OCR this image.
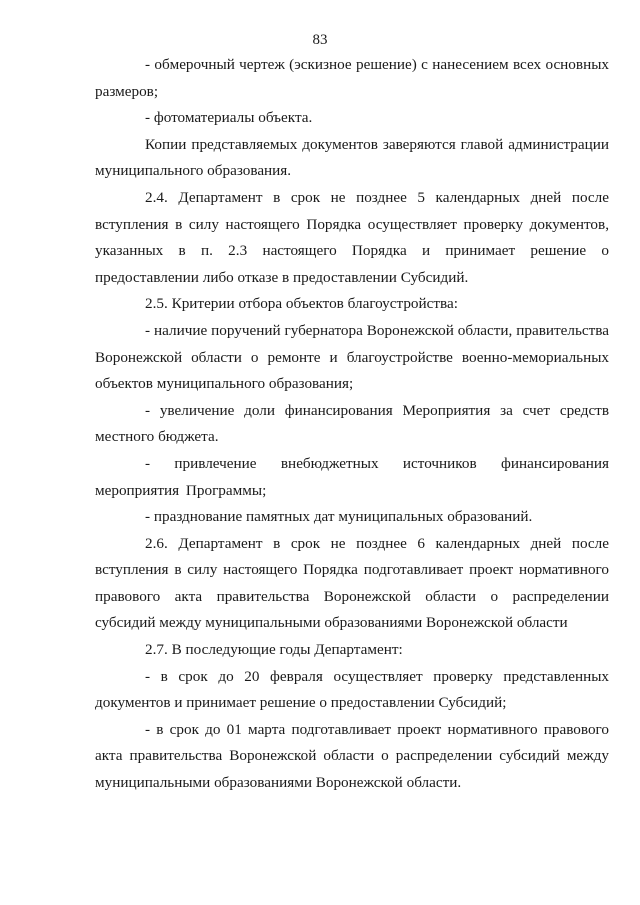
83

- обмерочный чертеж (эскизное решение) с нанесением всех основных размеров;

- фотоматериалы объекта.

Копии представляемых документов заверяются главой администрации муниципального образования.

2.4. Департамент в срок не позднее 5 календарных дней после вступления в силу настоящего Порядка осуществляет проверку документов, указанных в п. 2.3 настоящего Порядка и принимает решение о предоставлении либо отказе в предоставлении Субсидий.

2.5. Критерии отбора объектов благоустройства:

- наличие поручений губернатора Воронежской области, правительства Воронежской области о ремонте и благоустройстве военно-мемориальных объектов муниципального образования;

- увеличение доли финансирования Мероприятия за счет средств местного бюджета.

- привлечение внебюджетных источников финансирования мероприятия Программы;

- празднование памятных дат муниципальных образований.

2.6. Департамент в срок не позднее 6 календарных дней после вступления в силу настоящего Порядка подготавливает проект нормативного правового акта правительства Воронежской области о распределении субсидий между муниципальными образованиями Воронежской области

2.7. В последующие годы Департамент:

- в срок до 20 февраля осуществляет проверку представленных документов и принимает решение о предоставлении Субсидий;

- в срок до 01 марта подготавливает проект нормативного правового акта правительства Воронежской области о распределении субсидий между муниципальными образованиями Воронежской области.
